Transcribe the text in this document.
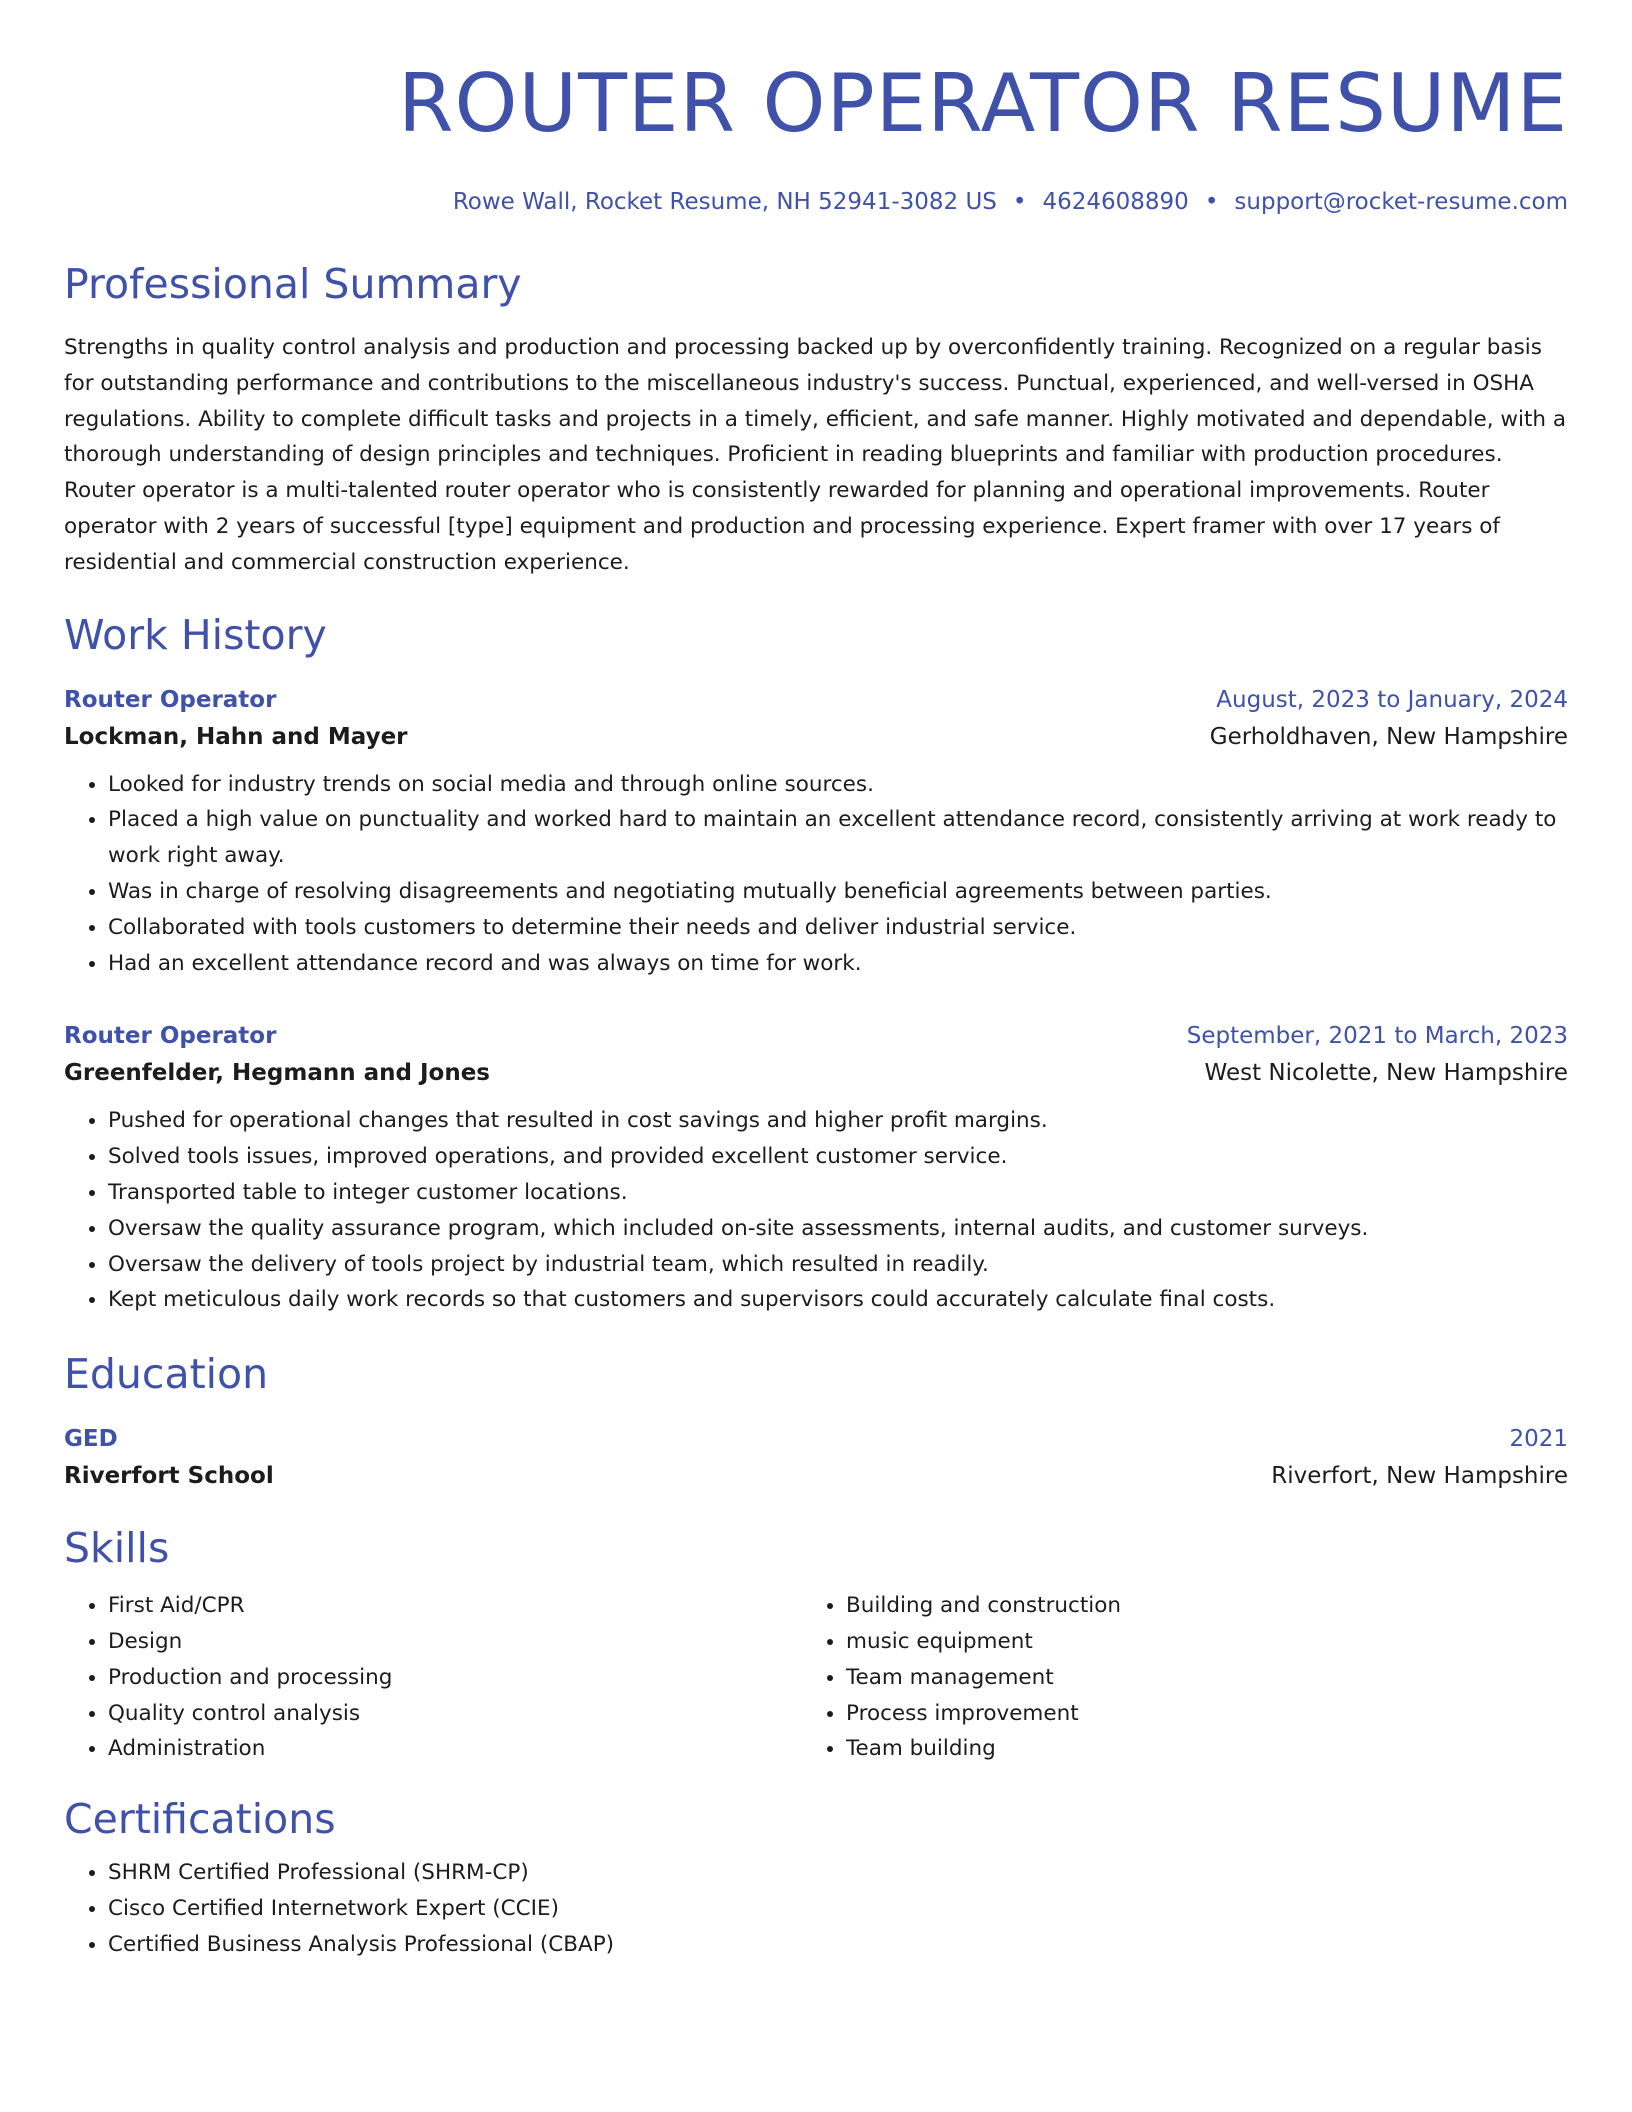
ROUTER OPERATOR RESUME
Rowe Wall, Rocket Resume, NH 52941-3082 US • 4624608890 • support@rocket-resume.com
Professional Summary
Strengths in quality control analysis and production and processing backed up by overconfidently training. Recognized on a regular basis for outstanding performance and contributions to the miscellaneous industry's success. Punctual, experienced, and well-versed in OSHA regulations. Ability to complete difficult tasks and projects in a timely, efficient, and safe manner. Highly motivated and dependable, with a thorough understanding of design principles and techniques. Proficient in reading blueprints and familiar with production procedures. Router operator is a multi-talented router operator who is consistently rewarded for planning and operational improvements. Router operator with 2 years of successful [type] equipment and production and processing experience. Expert framer with over 17 years of residential and commercial construction experience.
Work History
Router Operator	August, 2023 to January, 2024
Lockman, Hahn and Mayer	Gerholdhaven, New Hampshire
• Looked for industry trends on social media and through online sources.
• Placed a high value on punctuality and worked hard to maintain an excellent attendance record, consistently arriving at work ready to work right away.
• Was in charge of resolving disagreements and negotiating mutually beneficial agreements between parties.
• Collaborated with tools customers to determine their needs and deliver industrial service.
• Had an excellent attendance record and was always on time for work.
Router Operator	September, 2021 to March, 2023
Greenfelder, Hegmann and Jones	West Nicolette, New Hampshire
• Pushed for operational changes that resulted in cost savings and higher profit margins.
• Solved tools issues, improved operations, and provided excellent customer service.
• Transported table to integer customer locations.
• Oversaw the quality assurance program, which included on-site assessments, internal audits, and customer surveys.
• Oversaw the delivery of tools project by industrial team, which resulted in readily.
• Kept meticulous daily work records so that customers and supervisors could accurately calculate final costs.
Education
GED	2021
Riverfort School	Riverfort, New Hampshire
Skills
• First Aid/CPR
• Design
• Production and processing
• Quality control analysis
• Administration
• Building and construction
• music equipment
• Team management
• Process improvement
• Team building
Certifications
• SHRM Certified Professional (SHRM-CP)
• Cisco Certified Internetwork Expert (CCIE)
• Certified Business Analysis Professional (CBAP)
